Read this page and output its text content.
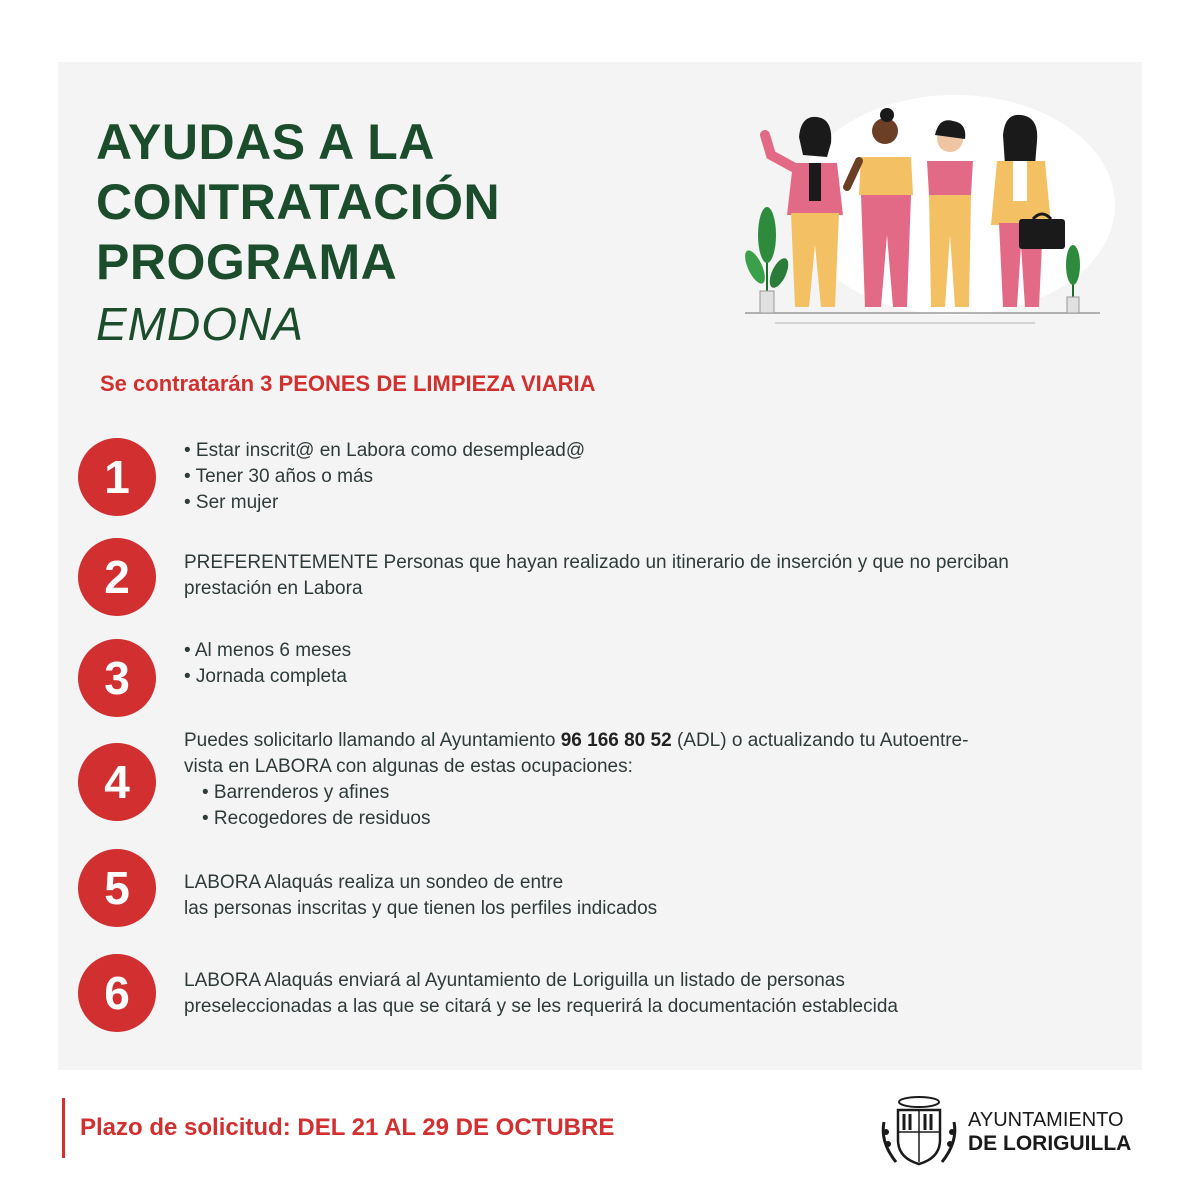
AYUDAS A LA
CONTRATACIÓN
PROGRAMA
EMDONA
Se contratarán 3 PEONES DE LIMPIEZA VIARIA
1
• Estar inscrit@ en Labora como desemplead@
• Tener 30 años o más
• Ser mujer
2	PREFERENTEMENTE Personas que hayan realizado un itinerario de inserción y que no perciban
prestación en Labora
3
• Al menos 6 meses
• Jornada completa
4
Puedes solicitarlo llamando al Ayuntamiento 96 166 80 52 (ADL) o actualizando tu Autoentre-
vista en LABORA con algunas de estas ocupaciones:
• Barrenderos y afines
• Recogedores de residuos
5	LABORA Alaquás realiza un sondeo de entre
las personas inscritas y que tienen los perfiles indicados
6	LABORA Alaquás enviará al Ayuntamiento de Loriguilla un listado de personas
preseleccionadas a las que se citará y se les requerirá la documentación establecida
Plazo de solicitud: DEL 21 AL 29 DE OCTUBRE	AYUNTAMIENTO
DE LORIGUILLA
